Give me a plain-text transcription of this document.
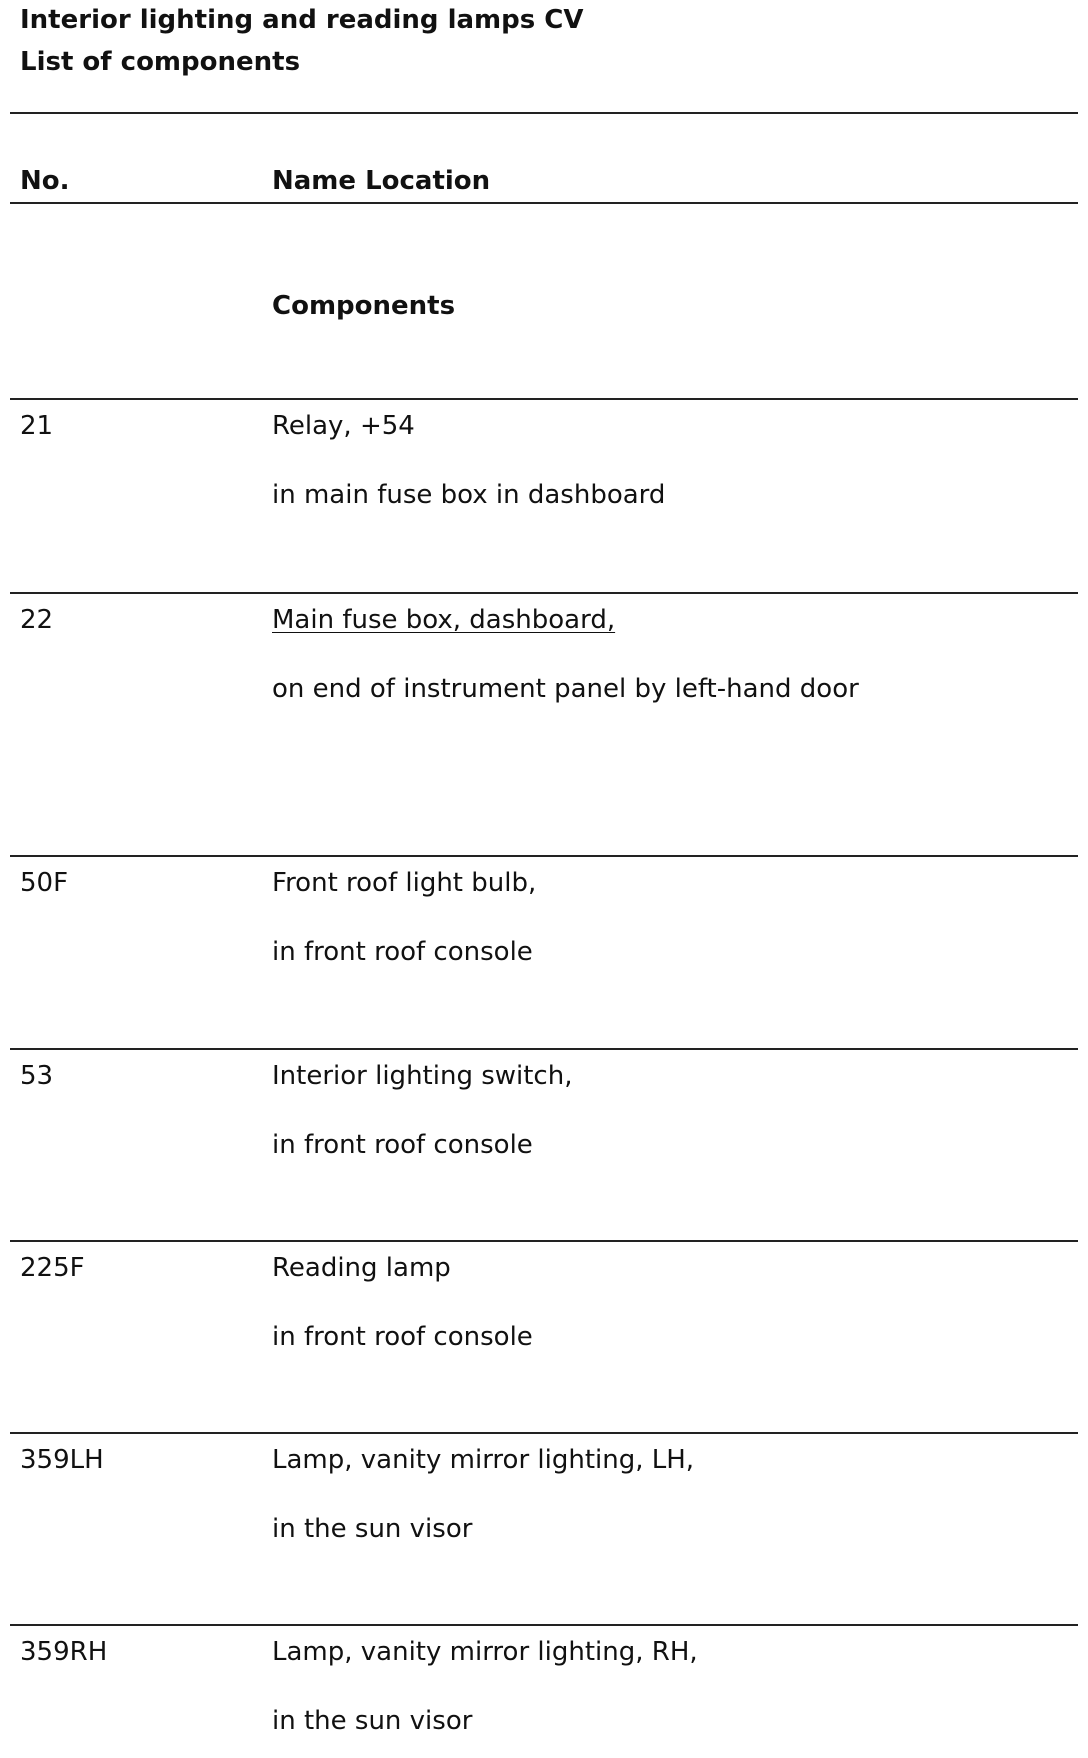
Interior lighting and reading lamps CV
List of components
No.	Name Location
Components
21	Relay, +54
in main fuse box in dashboard
22	Main fuse box, dashboard,
on end of instrument panel by left-hand door
50F	Front roof light bulb,
in front roof console
53	Interior lighting switch,
in front roof console
225F	Reading lamp
in front roof console
359LH	Lamp, vanity mirror lighting, LH,
in the sun visor
359RH	Lamp, vanity mirror lighting, RH,
in the sun visor
